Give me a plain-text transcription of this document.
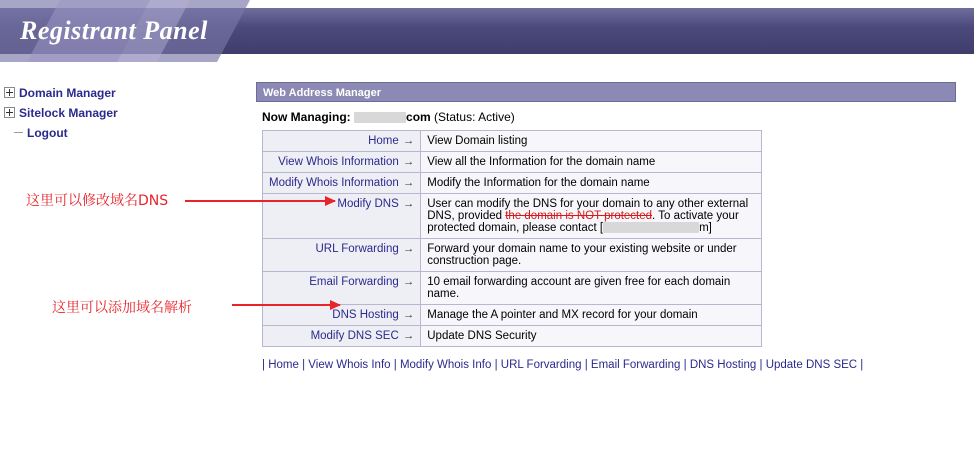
Registrant Panel
Domain Manager
Sitelock Manager
Logout
Web Address Manager
Now Managing:	com (Status: Active)
Home →	View Domain listing
View Whois Information →	View all the Information for the domain name
Modify Whois Information →	Modify the Information for the domain name
Modify DNS →	User can modify the DNS for your domain to any other external DNS, provided the domain is NOT protected. To activate your protected domain, please contact [ m]
URL Forwarding →	Forward your domain name to your existing website or under construction page.
Email Forwarding →	10 email forwarding account are given free for each domain name.
DNS Hosting →	Manage the A pointer and MX record for your domain
Modify DNS SEC →	Update DNS Security
| Home | View Whois Info | Modify Whois Info | URL Forvarding | Email Forwarding | DNS Hosting | Update DNS SEC |
这里可以修改域名DNS
这里可以添加域名解析
